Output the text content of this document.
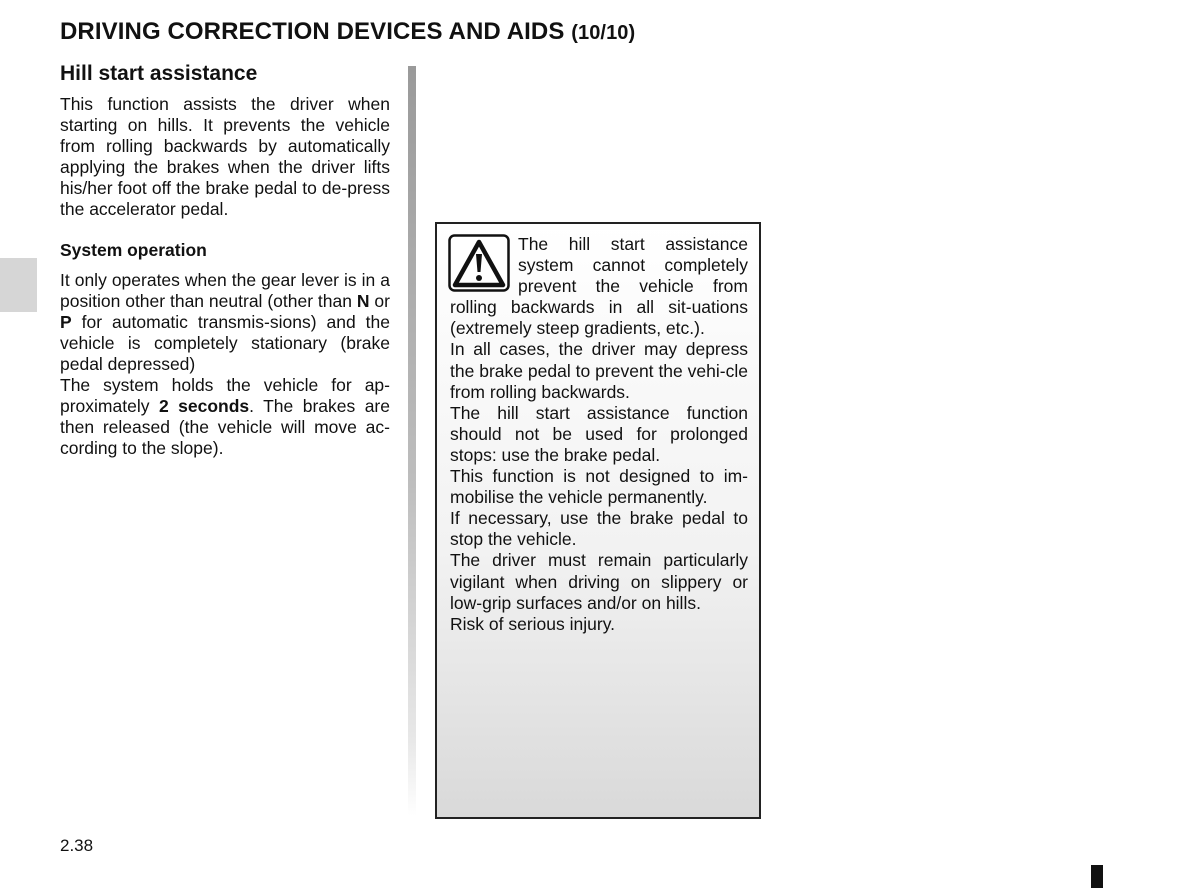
DRIVING CORRECTION DEVICES AND AIDS (10/10)
Hill start assistance

This function assists the driver when starting on hills. It prevents the vehicle from rolling backwards by automatically applying the brakes when the driver lifts his/her foot off the brake pedal to de-press the accelerator pedal.

System operation

It only operates when the gear lever is in a position other than neutral (other than N or P for automatic transmis-sions) and the vehicle is completely stationary (brake pedal depressed)

The system holds the vehicle for ap-proximately 2 seconds. The brakes are then released (the vehicle will move ac-cording to the slope).

The hill start assistance system cannot completely prevent the vehicle from rolling backwards in all sit-uations (extremely steep gradients, etc.).

In all cases, the driver may depress the brake pedal to prevent the vehi-cle from rolling backwards.

The hill start assistance function should not be used for prolonged stops: use the brake pedal.

This function is not designed to im-mobilise the vehicle permanently.

If necessary, use the brake pedal to stop the vehicle.

The driver must remain particularly vigilant when driving on slippery or low-grip surfaces and/or on hills.

Risk of serious injury.

2.38
